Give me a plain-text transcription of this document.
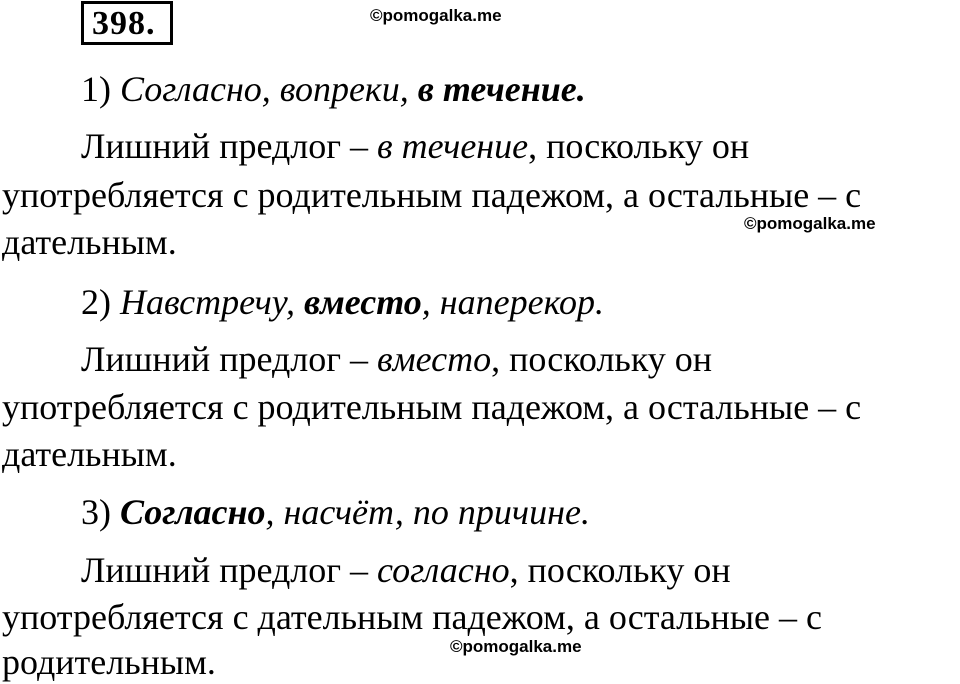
398.	©pomogalka.me
1) Согласно, вопреки, в течение.
Лишний предлог – в течение, поскольку он
употребляется с родительным падежом, а остальные – с
дательным.	©pomogalka.me
2) Навстречу, вместо, наперекор.
Лишний предлог – вместо, поскольку он
употребляется с родительным падежом, а остальные – с
дательным.
3) Согласно, насчёт, по причине.
Лишний предлог – согласно, поскольку он
употребляется с дательным падежом, а остальные – с
родительным.	©pomogalka.me
